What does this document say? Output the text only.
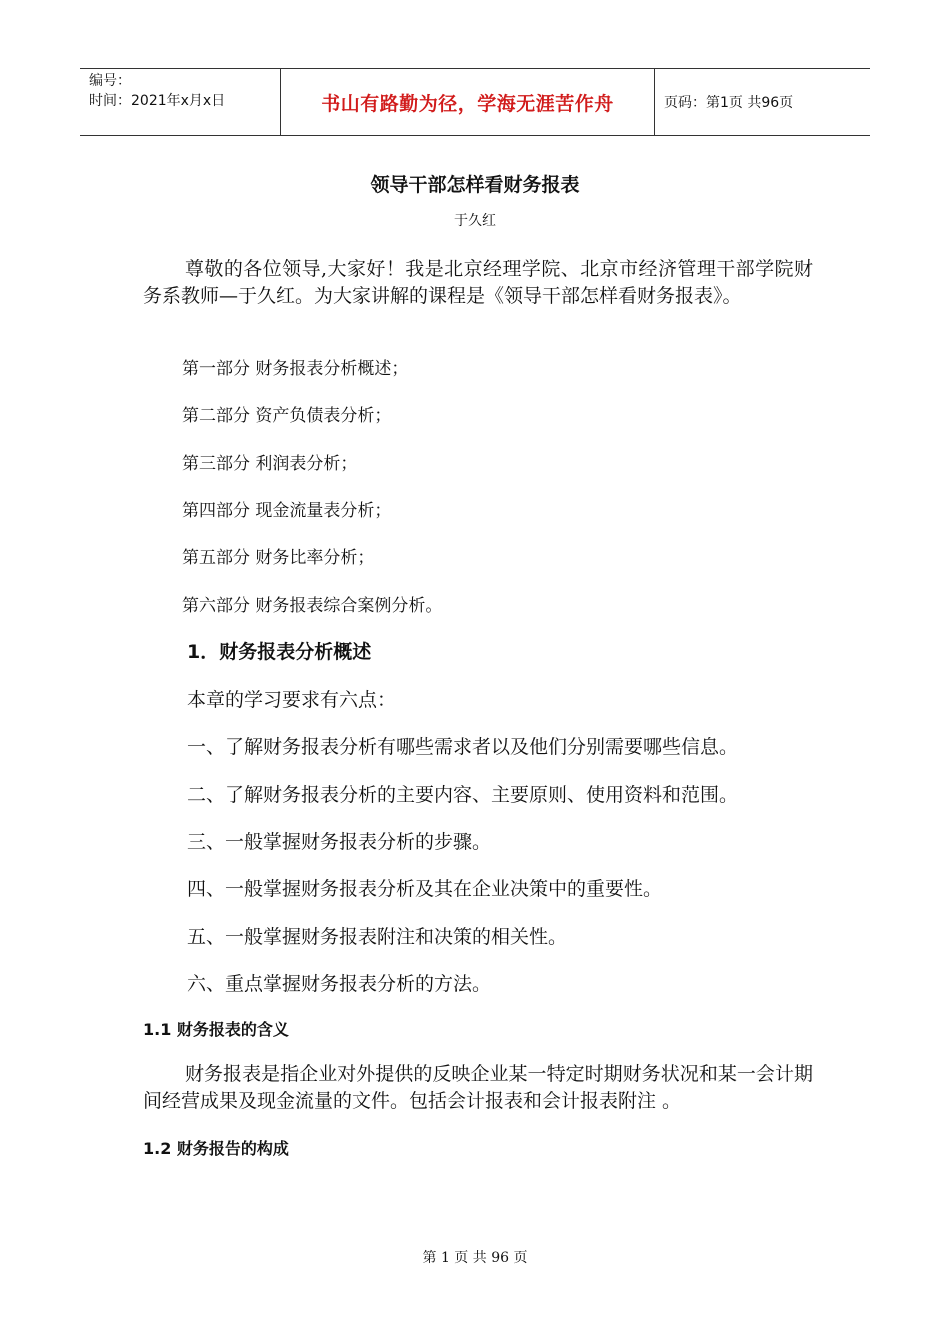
编号：
时间：2021年x月x日	书山有路勤为径，学海无涯苦作舟	页码：第1页 共96页
领导干部怎样看财务报表
于久红
尊敬的各位领导,大家好！我是北京经理学院、北京市经济管理干部学院财务系教师—于久红。为大家讲解的课程是《领导干部怎样看财务报表》。
第一部分 财务报表分析概述；
第二部分 资产负债表分析；
第三部分 利润表分析；
第四部分 现金流量表分析；
第五部分 财务比率分析；
第六部分 财务报表综合案例分析。
1．财务报表分析概述
本章的学习要求有六点：
一、了解财务报表分析有哪些需求者以及他们分别需要哪些信息。
二、了解财务报表分析的主要内容、主要原则、使用资料和范围。
三、一般掌握财务报表分析的步骤。
四、一般掌握财务报表分析及其在企业决策中的重要性。
五、一般掌握财务报表附注和决策的相关性。
六、重点掌握财务报表分析的方法。
1.1 财务报表的含义
财务报表是指企业对外提供的反映企业某一特定时期财务状况和某一会计期间经营成果及现金流量的文件。包括会计报表和会计报表附注 。
1.2 财务报告的构成
第 1 页 共 96 页
